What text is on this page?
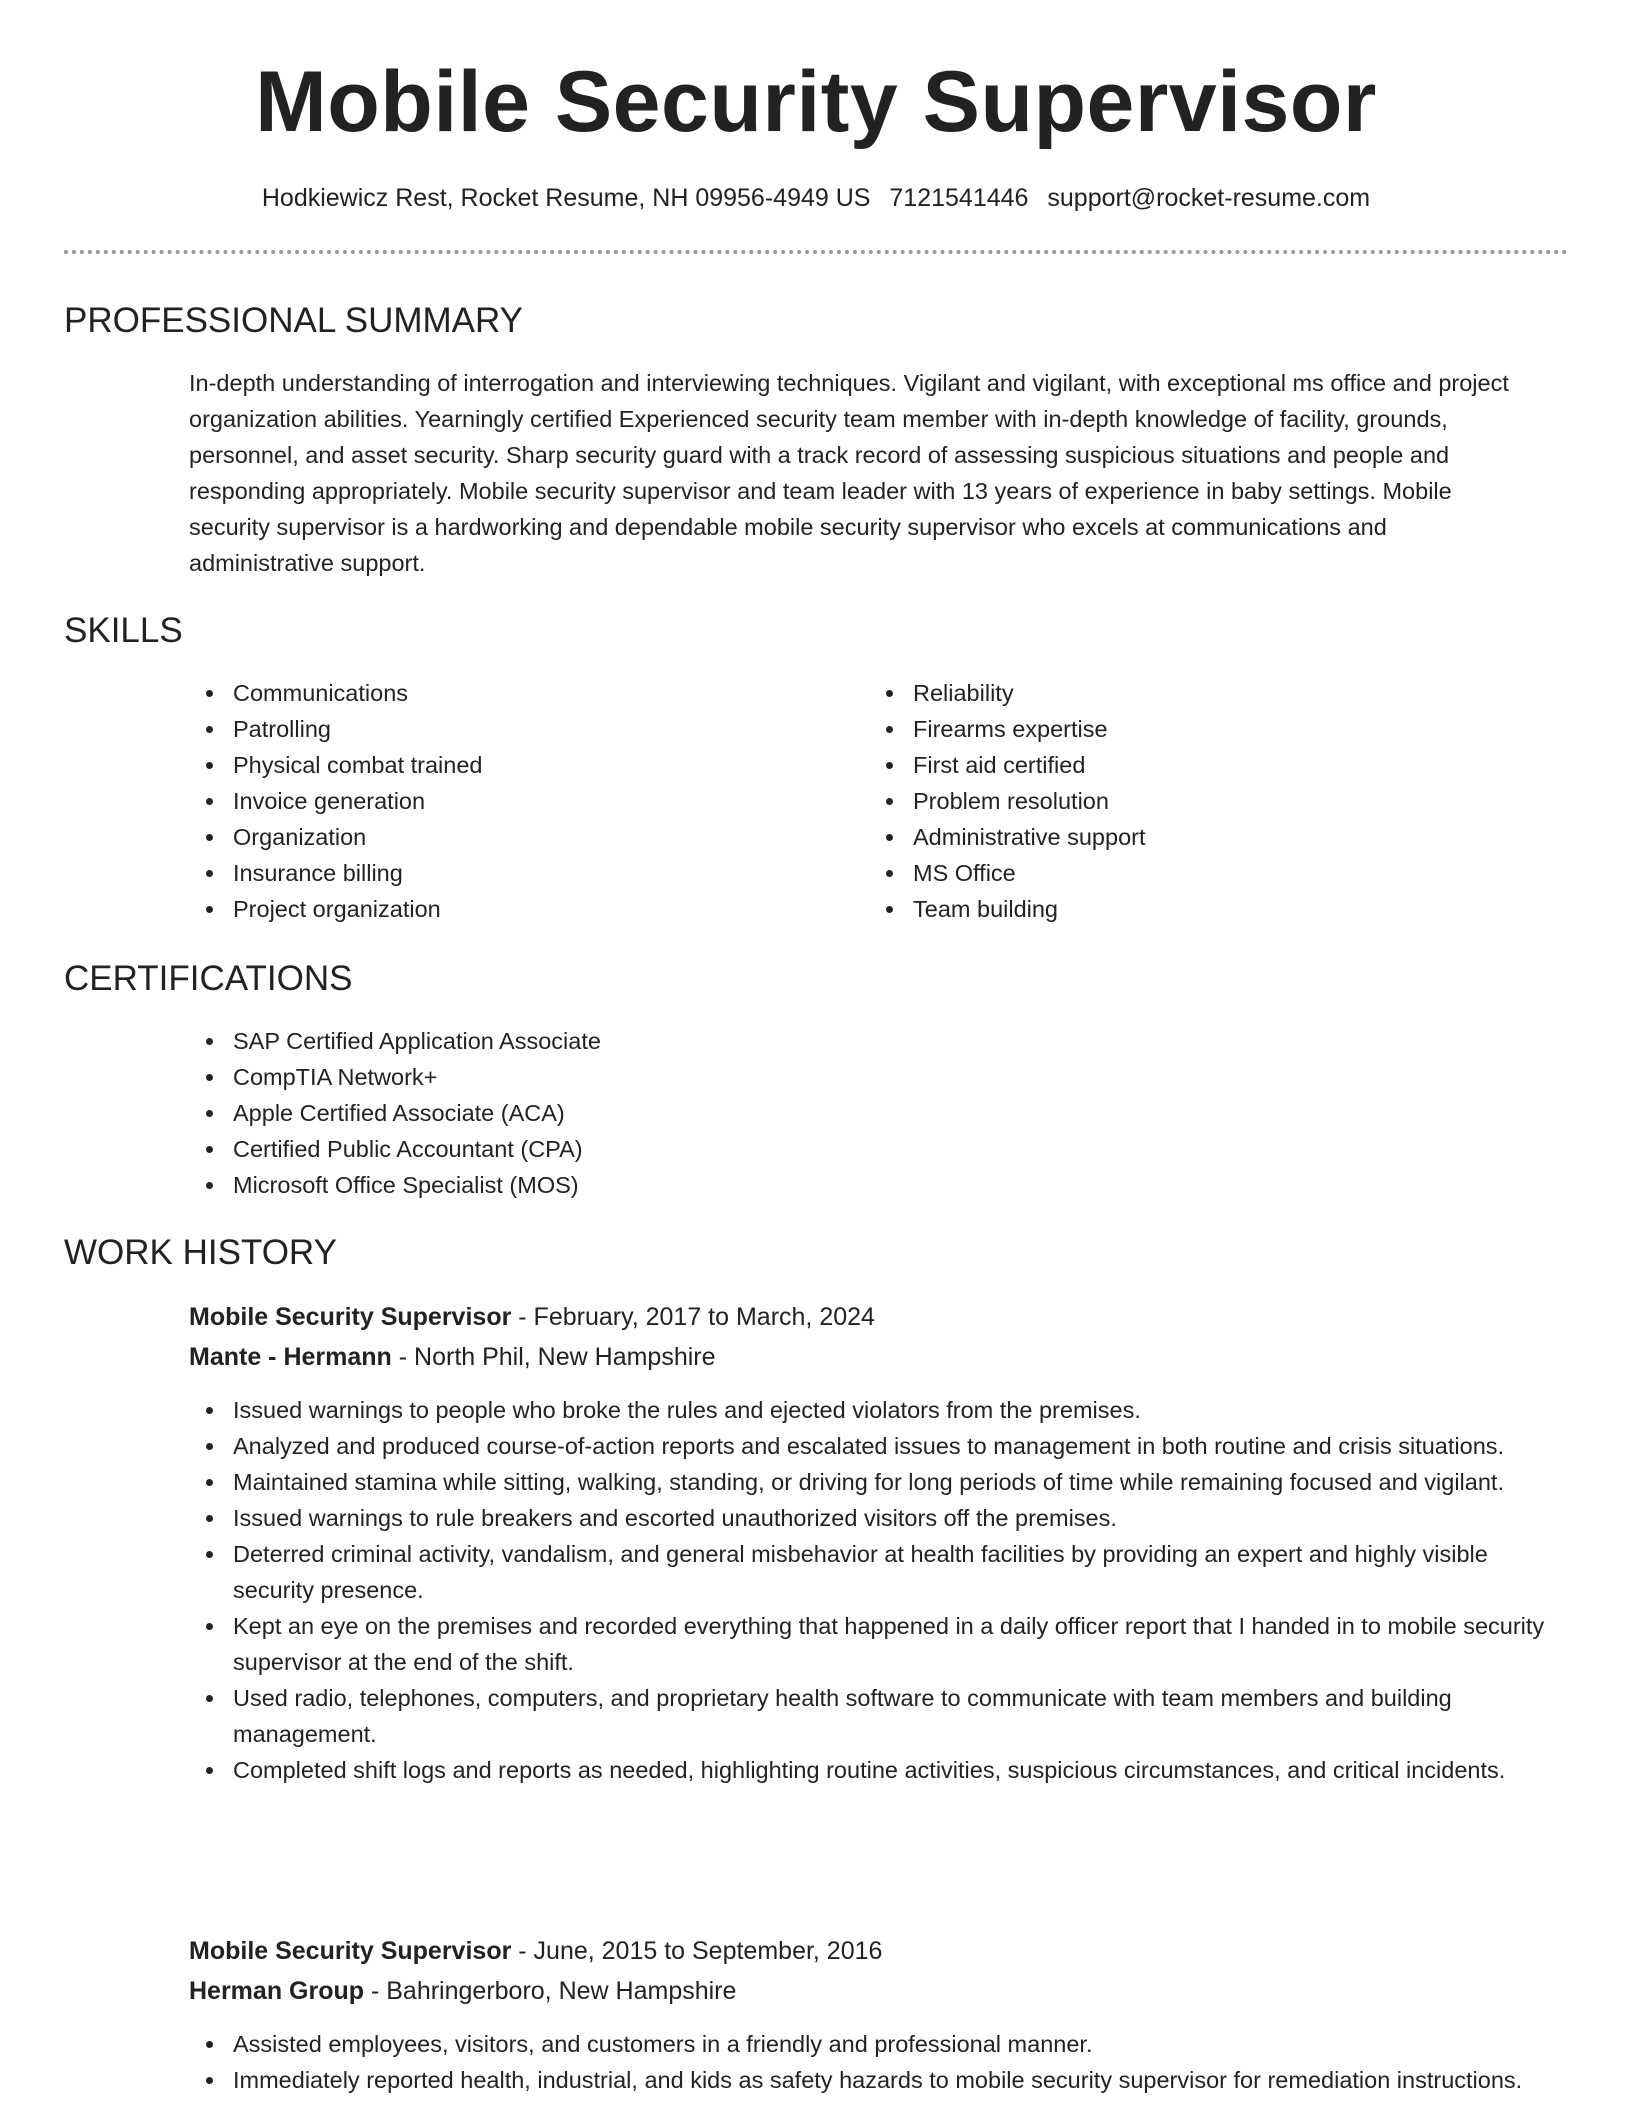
Mobile Security Supervisor
Hodkiewicz Rest, Rocket Resume, NH 09956-4949 US 7121541446 support@rocket-resume.com
PROFESSIONAL SUMMARY

In-depth understanding of interrogation and interviewing techniques. Vigilant and vigilant, with exceptional ms office and project organization abilities. Yearningly certified Experienced security team member with in-depth knowledge of facility, grounds, personnel, and asset security. Sharp security guard with a track record of assessing suspicious situations and people and responding appropriately. Mobile security supervisor and team leader with 13 years of experience in baby settings. Mobile security supervisor is a hardworking and dependable mobile security supervisor who excels at communications and administrative support.

SKILLS
Communications
Patrolling
Physical combat trained
Invoice generation
Organization
Insurance billing
Project organization
Reliability
Firearms expertise
First aid certified
Problem resolution
Administrative support
MS Office
Team building
CERTIFICATIONS
SAP Certified Application Associate
CompTIA Network+
Apple Certified Associate (ACA)
Certified Public Accountant (CPA)
Microsoft Office Specialist (MOS)
WORK HISTORY
Mobile Security Supervisor - February, 2017 to March, 2024
Mante - Hermann - North Phil, New Hampshire
Issued warnings to people who broke the rules and ejected violators from the premises.
Analyzed and produced course-of-action reports and escalated issues to management in both routine and crisis situations.
Maintained stamina while sitting, walking, standing, or driving for long periods of time while remaining focused and vigilant.
Issued warnings to rule breakers and escorted unauthorized visitors off the premises.
Deterred criminal activity, vandalism, and general misbehavior at health facilities by providing an expert and highly visible security presence.
Kept an eye on the premises and recorded everything that happened in a daily officer report that I handed in to mobile security supervisor at the end of the shift.
Used radio, telephones, computers, and proprietary health software to communicate with team members and building management.
Completed shift logs and reports as needed, highlighting routine activities, suspicious circumstances, and critical incidents.
Mobile Security Supervisor - June, 2015 to September, 2016
Herman Group - Bahringerboro, New Hampshire
Assisted employees, visitors, and customers in a friendly and professional manner.
Immediately reported health, industrial, and kids as safety hazards to mobile security supervisor for remediation instructions.
